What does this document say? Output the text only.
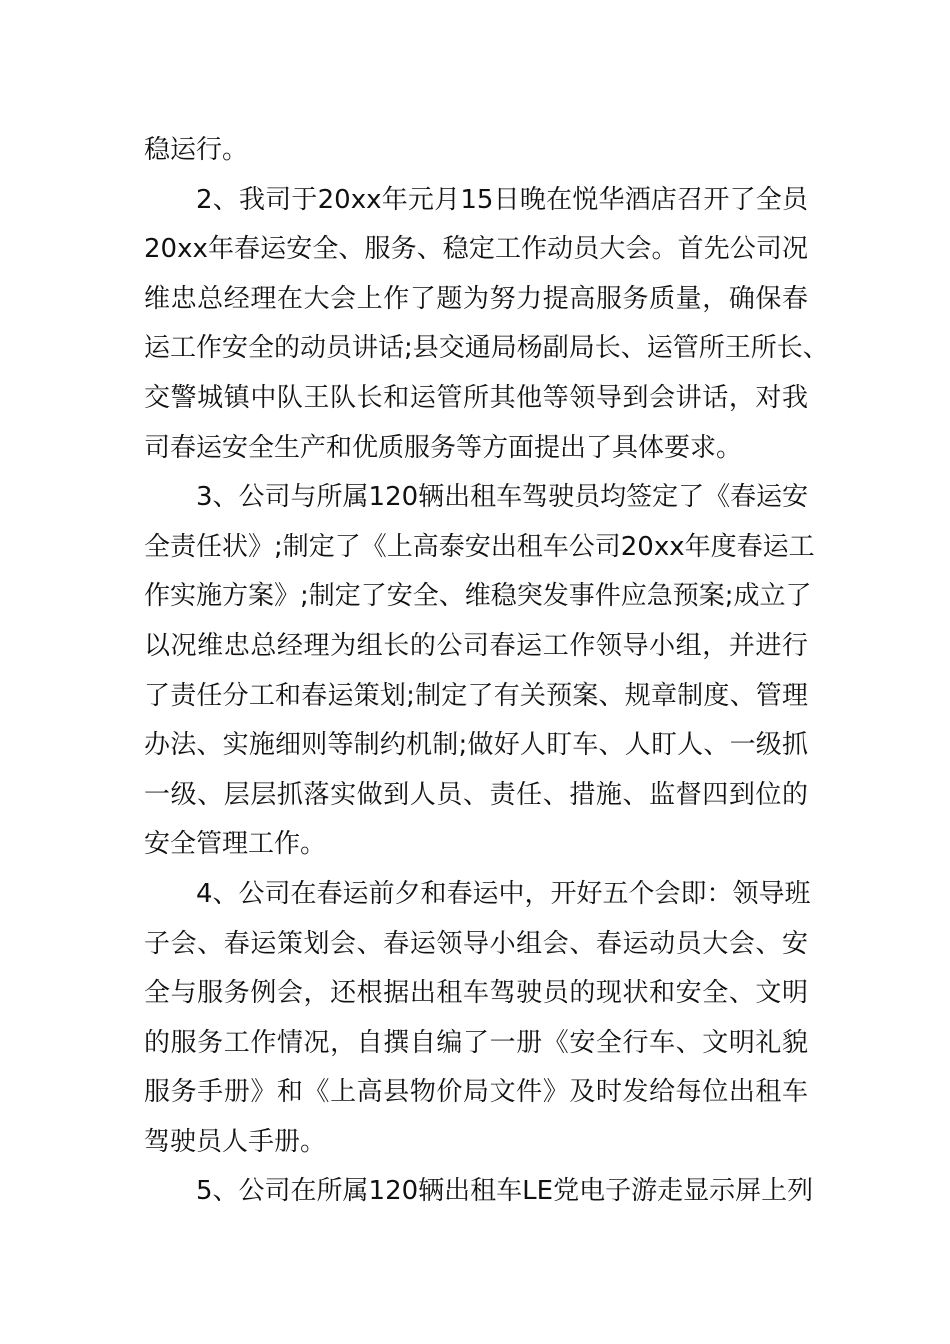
稳运行。
2、我司于20xx年元月15日晚在悦华酒店召开了全员
20xx年春运安全、服务、稳定工作动员大会。首先公司况
维忠总经理在大会上作了题为努力提高服务质量，确保春
运工作安全的动员讲话;县交通局杨副局长、运管所王所长、
交警城镇中队王队长和运管所其他等领导到会讲话，对我
司春运安全生产和优质服务等方面提出了具体要求。
3、公司与所属120辆出租车驾驶员均签定了《春运安
全责任状》;制定了《上高泰安出租车公司20xx年度春运工
作实施方案》;制定了安全、维稳突发事件应急预案;成立了
以况维忠总经理为组长的公司春运工作领导小组，并进行
了责任分工和春运策划;制定了有关预案、规章制度、管理
办法、实施细则等制约机制;做好人盯车、人盯人、一级抓
一级、层层抓落实做到人员、责任、措施、监督四到位的
安全管理工作。
4、公司在春运前夕和春运中，开好五个会即：领导班
子会、春运策划会、春运领导小组会、春运动员大会、安
全与服务例会，还根据出租车驾驶员的现状和安全、文明
的服务工作情况，自撰自编了一册《安全行车、文明礼貌
服务手册》和《上高县物价局文件》及时发给每位出租车
驾驶员人手册。
5、公司在所属120辆出租车LE党电子游走显示屏上列
